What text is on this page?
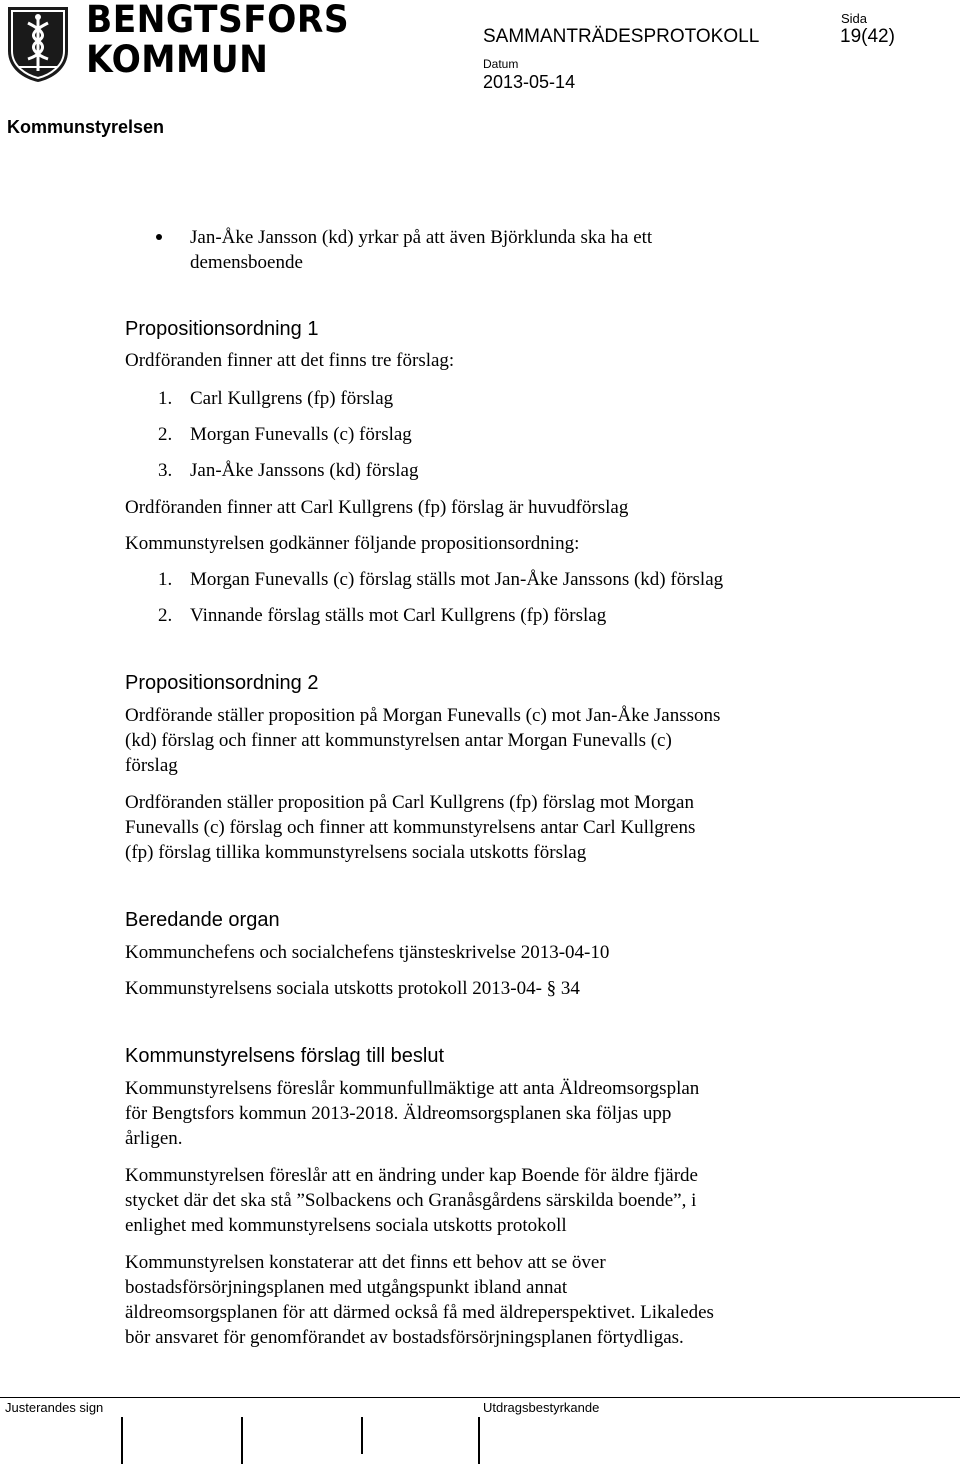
BENGTSFORS
KOMMUN
SAMMANTRÄDESPROTOKOLL
Sida
19(42)
Datum
2013-05-14
Kommunstyrelsen
Jan-Åke Jansson (kd) yrkar på att även Björklunda ska ha ett
demensboende
Propositionsordning 1
Ordföranden finner att det finns tre förslag:
1. Carl Kullgrens (fp) förslag
2. Morgan Funevalls (c) förslag
3. Jan-Åke Janssons (kd) förslag
Ordföranden finner att Carl Kullgrens (fp) förslag är huvudförslag
Kommunstyrelsen godkänner följande propositionsordning:
1. Morgan Funevalls (c) förslag ställs mot Jan-Åke Janssons (kd) förslag
2. Vinnande förslag ställs mot Carl Kullgrens (fp) förslag
Propositionsordning 2
Ordförande ställer proposition på Morgan Funevalls (c) mot Jan-Åke Janssons
(kd) förslag och finner att kommunstyrelsen antar Morgan Funevalls (c)
förslag
Ordföranden ställer proposition på Carl Kullgrens (fp) förslag mot Morgan
Funevalls (c) förslag och finner att kommunstyrelsens antar Carl Kullgrens
(fp) förslag tillika kommunstyrelsens sociala utskotts förslag
Beredande organ
Kommunchefens och socialchefens tjänsteskrivelse 2013-04-10
Kommunstyrelsens sociala utskotts protokoll 2013-04- § 34
Kommunstyrelsens förslag till beslut
Kommunstyrelsens föreslår kommunfullmäktige att anta Äldreomsorgsplan
för Bengtsfors kommun 2013-2018. Äldreomsorgsplanen ska följas upp
årligen.
Kommunstyrelsen föreslår att en ändring under kap Boende för äldre fjärde
stycket där det ska stå ”Solbackens och Granåsgårdens särskilda boende”, i
enlighet med kommunstyrelsens sociala utskotts protokoll
Kommunstyrelsen konstaterar att det finns ett behov att se över
bostadsförsörjningsplanen med utgångspunkt ibland annat
äldreomsorgsplanen för att därmed också få med äldreperspektivet. Likaledes
bör ansvaret för genomförandet av bostadsförsörjningsplanen förtydligas.
Justerandes sign	Utdragsbestyrkande
